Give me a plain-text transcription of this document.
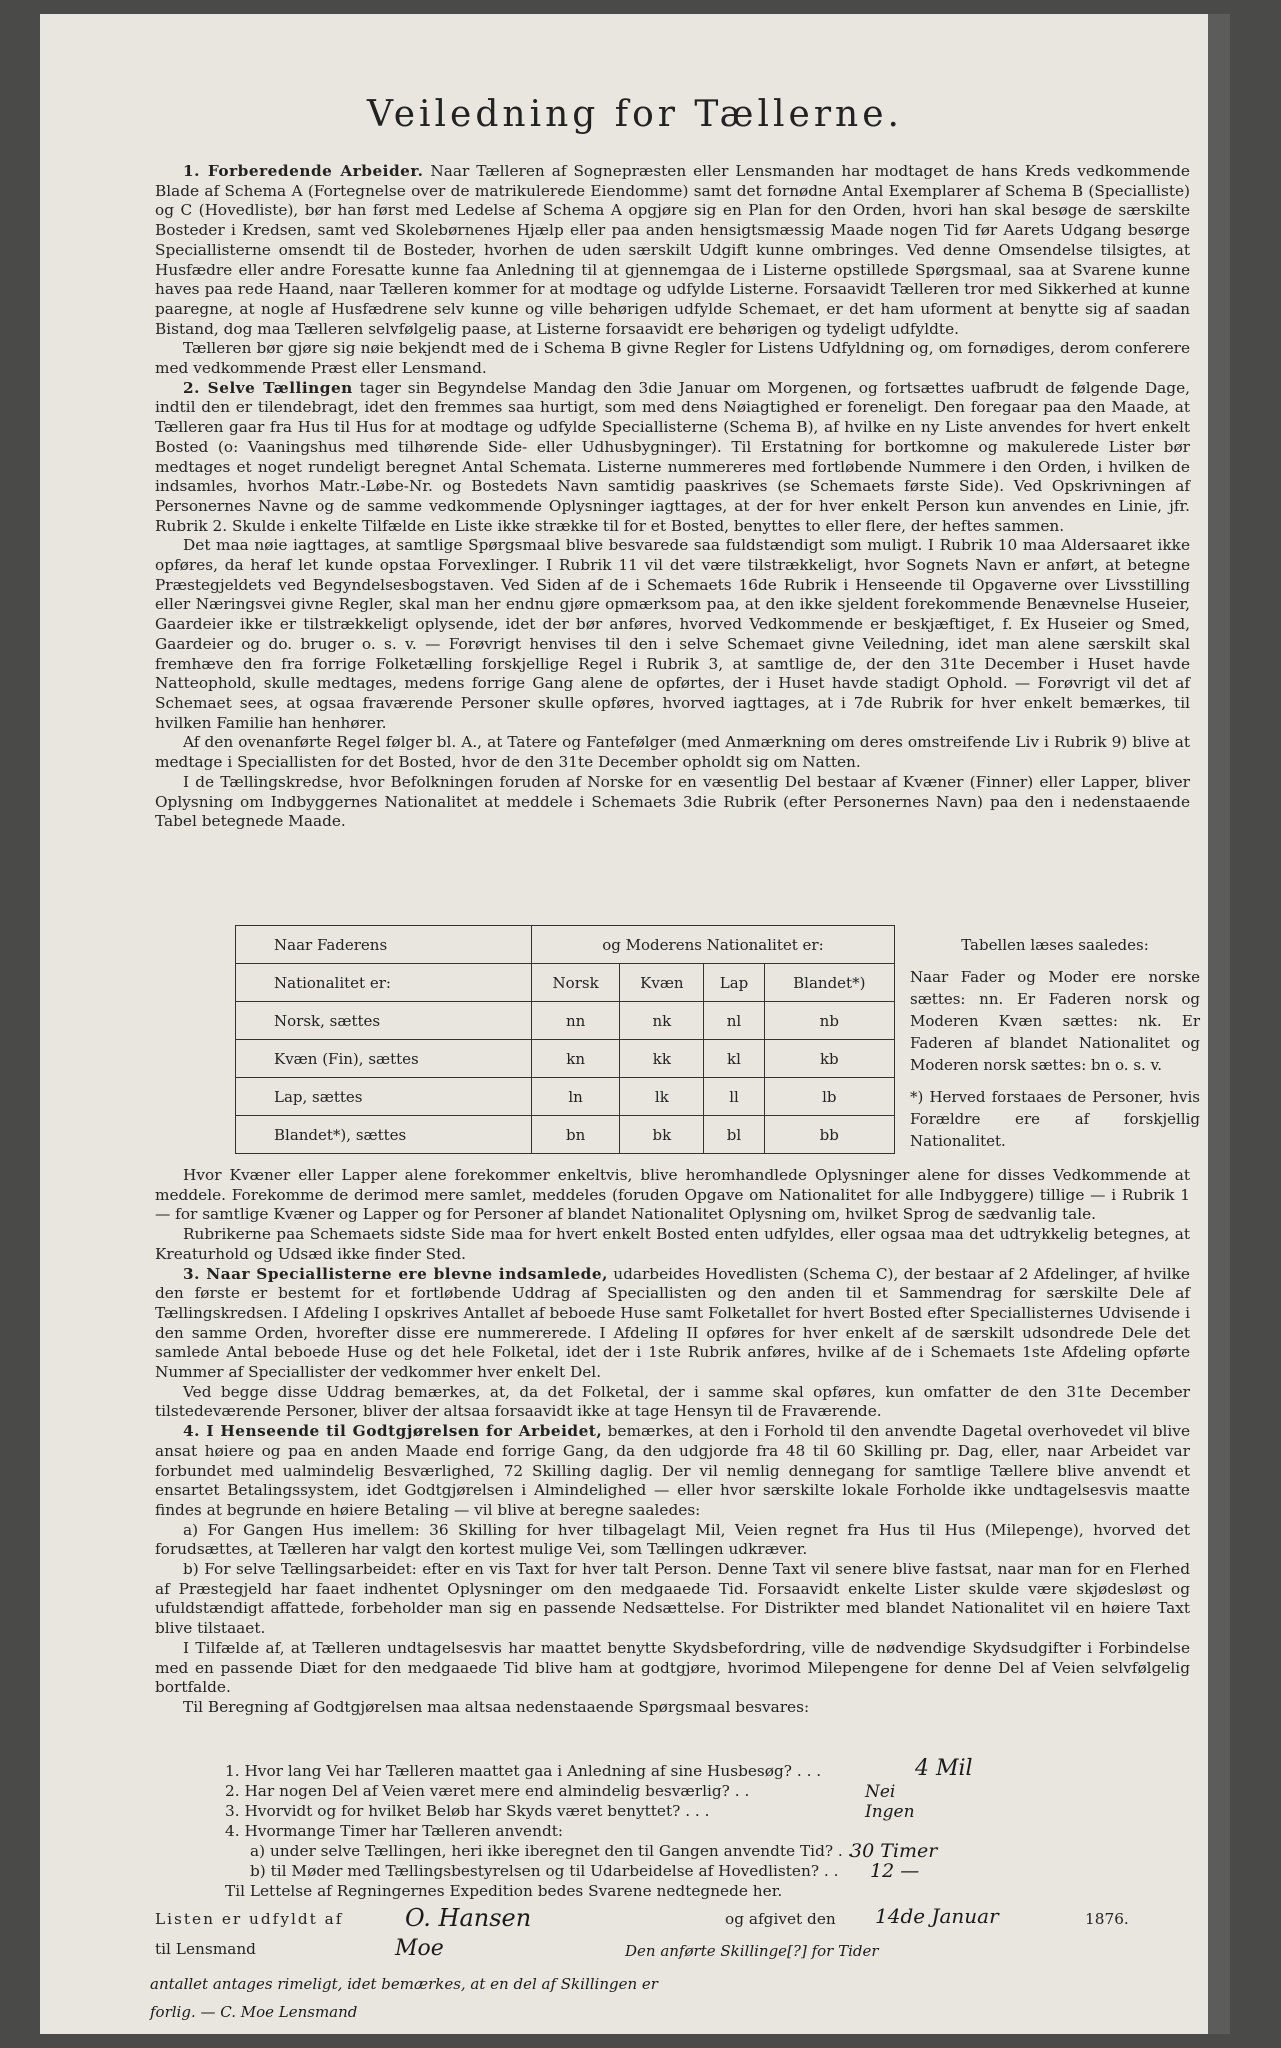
Veiledning for Tællerne.

1. Forberedende Arbeider. Naar Tælleren af Sognepræsten eller Lensmanden har modtaget de hans Kreds vedkommende Blade af Schema A (Fortegnelse over de matrikulerede Eiendomme) samt det fornødne Antal Exemplarer af Schema B (Specialliste) og C (Hovedliste), bør han først med Ledelse af Schema A opgjøre sig en Plan for den Orden, hvori han skal besøge de særskilte Bosteder i Kredsen, samt ved Skolebørnenes Hjælp eller paa anden hensigtsmæssig Maade nogen Tid før Aarets Udgang besørge Speciallisterne omsendt til de Bosteder, hvorhen de uden særskilt Udgift kunne ombringes. Ved denne Omsendelse tilsigtes, at Husfædre eller andre Foresatte kunne faa Anledning til at gjennemgaa de i Listerne opstillede Spørgsmaal, saa at Svarene kunne haves paa rede Haand, naar Tælleren kommer for at modtage og udfylde Listerne. Forsaavidt Tælleren tror med Sikkerhed at kunne paaregne, at nogle af Husfædrene selv kunne og ville behørigen udfylde Schemaet, er det ham uforment at benytte sig af saadan Bistand, dog maa Tælleren selvfølgelig paase, at Listerne forsaavidt ere behørigen og tydeligt udfyldte.

Tælleren bør gjøre sig nøie bekjendt med de i Schema B givne Regler for Listens Udfyldning og, om fornødiges, derom conferere med vedkommende Præst eller Lensmand.

2. Selve Tællingen tager sin Begyndelse Mandag den 3die Januar om Morgenen, og fortsættes uafbrudt de følgende Dage, indtil den er tilendebragt, idet den fremmes saa hurtigt, som med dens Nøiagtighed er foreneligt. Den foregaar paa den Maade, at Tælleren gaar fra Hus til Hus for at modtage og udfylde Speciallisterne (Schema B), af hvilke en ny Liste anvendes for hvert enkelt Bosted (o: Vaaningshus med tilhørende Side- eller Udhusbygninger). Til Erstatning for bortkomne og makulerede Lister bør medtages et noget rundeligt beregnet Antal Schemata. Listerne nummereres med fortløbende Nummere i den Orden, i hvilken de indsamles, hvorhos Matr.-Løbe-Nr. og Bostedets Navn samtidig paaskrives (se Schemaets første Side). Ved Opskrivningen af Personernes Navne og de samme vedkommende Oplysninger iagttages, at der for hver enkelt Person kun anvendes en Linie, jfr. Rubrik 2. Skulde i enkelte Tilfælde en Liste ikke strække til for et Bosted, benyttes to eller flere, der heftes sammen.

Det maa nøie iagttages, at samtlige Spørgsmaal blive besvarede saa fuldstændigt som muligt. I Rubrik 10 maa Aldersaaret ikke opføres, da heraf let kunde opstaa Forvexlinger. I Rubrik 11 vil det være tilstrækkeligt, hvor Sognets Navn er anført, at betegne Præstegjeldets ved Begyndelsesbogstaven. Ved Siden af de i Schemaets 16de Rubrik i Henseende til Opgaverne over Livsstilling eller Næringsvei givne Regler, skal man her endnu gjøre opmærksom paa, at den ikke sjeldent forekommende Benævnelse Huseier, Gaardeier ikke er tilstrækkeligt oplysende, idet der bør anføres, hvorved Vedkommende er beskjæftiget, f. Ex Huseier og Smed, Gaardeier og do. bruger o. s. v. — Forøvrigt henvises til den i selve Schemaet givne Veiledning, idet man alene særskilt skal fremhæve den fra forrige Folketælling forskjellige Regel i Rubrik 3, at samtlige de, der den 31te December i Huset havde Natteophold, skulle medtages, medens forrige Gang alene de opførtes, der i Huset havde stadigt Ophold. — Forøvrigt vil det af Schemaet sees, at ogsaa fraværende Personer skulle opføres, hvorved iagttages, at i 7de Rubrik for hver enkelt bemærkes, til hvilken Familie han henhører.

Af den ovenanførte Regel følger bl. A., at Tatere og Fantefølger (med Anmærkning om deres omstreifende Liv i Rubrik 9) blive at medtage i Speciallisten for det Bosted, hvor de den 31te December opholdt sig om Natten.

I de Tællingskredse, hvor Befolkningen foruden af Norske for en væsentlig Del bestaar af Kvæner (Finner) eller Lapper, bliver Oplysning om Indbyggernes Nationalitet at meddele i Schemaets 3die Rubrik (efter Personernes Navn) paa den i nedenstaaende Tabel betegnede Maade.

Naar Faderens	og Moderens Nationalitet er:			
Nationalitet er:	Norsk	Kvæn	Lap	Blandet*)
Norsk, sættes	nn	nk	nl	nb
Kvæn (Fin), sættes	kn	kk	kl	kb
Lap, sættes	ln	lk	ll	lb
Blandet*), sættes	bn	bk	bl	bb

Tabellen læses saaledes:

Naar Fader og Moder ere norske sættes: nn. Er Faderen norsk og Moderen Kvæn sættes: nk. Er Faderen af blandet Nationalitet og Moderen norsk sættes: bn o. s. v.

*) Herved forstaaes de Personer, hvis Forældre ere af forskjellig Nationalitet.

Hvor Kvæner eller Lapper alene forekommer enkeltvis, blive heromhandlede Oplysninger alene for disses Vedkommende at meddele. Forekomme de derimod mere samlet, meddeles (foruden Opgave om Nationalitet for alle Indbyggere) tillige — i Rubrik 1 — for samtlige Kvæner og Lapper og for Personer af blandet Nationalitet Oplysning om, hvilket Sprog de sædvanlig tale.

Rubrikerne paa Schemaets sidste Side maa for hvert enkelt Bosted enten udfyldes, eller ogsaa maa det udtrykkelig betegnes, at Kreaturhold og Udsæd ikke finder Sted.

3. Naar Speciallisterne ere blevne indsamlede, udarbeides Hovedlisten (Schema C), der bestaar af 2 Afdelinger, af hvilke den første er bestemt for et fortløbende Uddrag af Speciallisten og den anden til et Sammendrag for særskilte Dele af Tællingskredsen. I Afdeling I opskrives Antallet af beboede Huse samt Folketallet for hvert Bosted efter Speciallisternes Udvisende i den samme Orden, hvorefter disse ere nummererede. I Afdeling II opføres for hver enkelt af de særskilt udsondrede Dele det samlede Antal beboede Huse og det hele Folketal, idet der i 1ste Rubrik anføres, hvilke af de i Schemaets 1ste Afdeling opførte Nummer af Speciallister der vedkommer hver enkelt Del.

Ved begge disse Uddrag bemærkes, at, da det Folketal, der i samme skal opføres, kun omfatter de den 31te December tilstedeværende Personer, bliver der altsaa forsaavidt ikke at tage Hensyn til de Fraværende.

4. I Henseende til Godtgjørelsen for Arbeidet, bemærkes, at den i Forhold til den anvendte Dagetal overhovedet vil blive ansat høiere og paa en anden Maade end forrige Gang, da den udgjorde fra 48 til 60 Skilling pr. Dag, eller, naar Arbeidet var forbundet med ualmindelig Besværlighed, 72 Skilling daglig. Der vil nemlig dennegang for samtlige Tællere blive anvendt et ensartet Betalingssystem, idet Godtgjørelsen i Almindelighed — eller hvor særskilte lokale Forholde ikke undtagelsesvis maatte findes at begrunde en høiere Betaling — vil blive at beregne saaledes:

a) For Gangen Hus imellem: 36 Skilling for hver tilbagelagt Mil, Veien regnet fra Hus til Hus (Milepenge), hvorved det forudsættes, at Tælleren har valgt den kortest mulige Vei, som Tællingen udkræver.

b) For selve Tællingsarbeidet: efter en vis Taxt for hver talt Person. Denne Taxt vil senere blive fastsat, naar man for en Flerhed af Præstegjeld har faaet indhentet Oplysninger om den medgaaede Tid. Forsaavidt enkelte Lister skulde være skjødesløst og ufuldstændigt affattede, forbeholder man sig en passende Nedsættelse. For Distrikter med blandet Nationalitet vil en høiere Taxt blive tilstaaet.

I Tilfælde af, at Tælleren undtagelsesvis har maattet benytte Skydsbefordring, ville de nødvendige Skydsudgifter i Forbindelse med en passende Diæt for den medgaaede Tid blive ham at godtgjøre, hvorimod Milepengene for denne Del af Veien selvfølgelig bortfalde.

Til Beregning af Godtgjørelsen maa altsaa nedenstaaende Spørgsmaal besvares:

1. Hvor lang Vei har Tælleren maattet gaa i Anledning af sine Husbesøg? . . .	4 Mil
2. Har nogen Del af Veien været mere end almindelig besværlig? . .	Nei
3. Hvorvidt og for hvilket Beløb har Skyds været benyttet? . . .	Ingen
4. Hvormange Timer har Tælleren anvendt:
a) under selve Tællingen, heri ikke iberegnet den til Gangen anvendte Tid? . .
30 Timer
b) til Møder med Tællingsbestyrelsen og til Udarbeidelse af Hovedlisten? . . 12 —
Til Lettelse af Regningernes Expedition bedes Svarene nedtegnede her.
Listen er udfyldt af	O. Hansen	og afgivet den 14de Januar	1876.
til Lensmand	Moe	Den anførte Skillinge[?] for Tider
antallet antages rimeligt, idet bemærkes, at en del af Skillingen er
forlig. — C. Moe Lensmand
